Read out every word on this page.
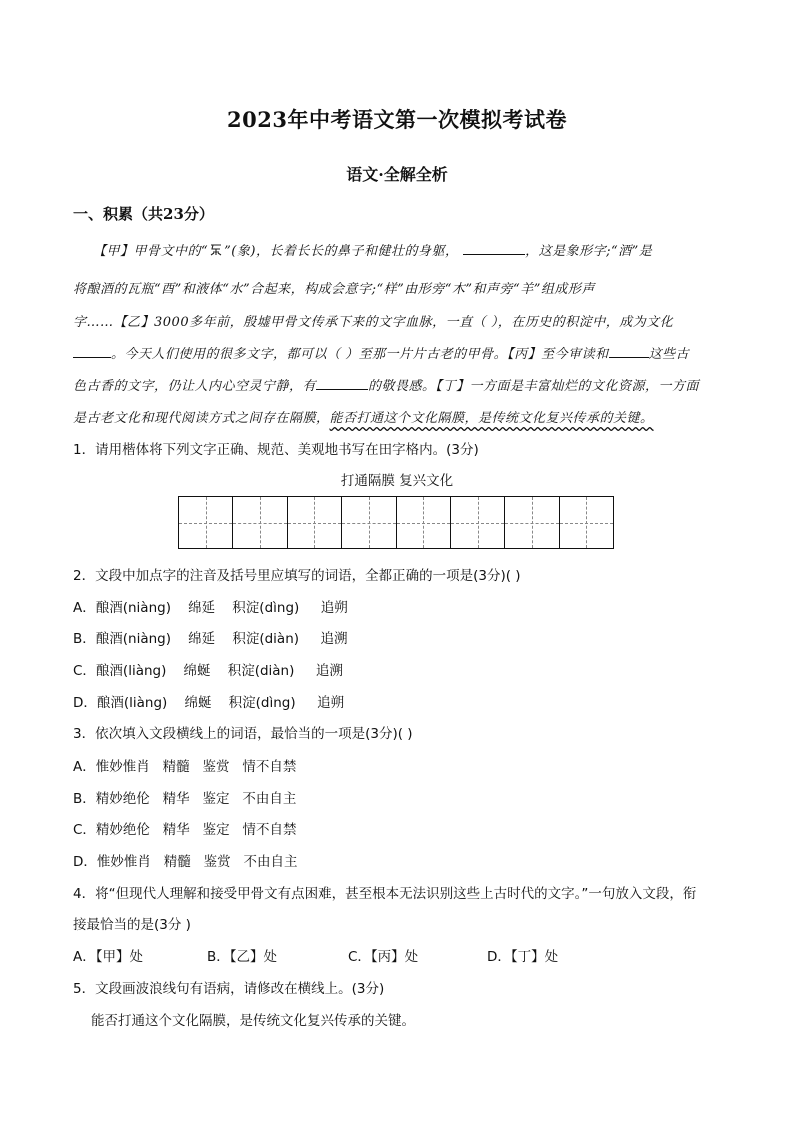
2023年中考语文第一次模拟考试卷
语文·全解全析
一、积累（共23分）
【甲】甲骨文中的“ ”(象)，长着长长的鼻子和健壮的身躯，	，这是象形字;“酒”是
将酿酒的瓦瓶“酉”和液体“水”合起来，构成会意字;“样”由形旁“木”和声旁“羊”组成形声
字……【乙】3000多年前，殷墟甲骨文传承下来的文字血脉，一直（ ），在历史的积淀中，成为文化
。今天人们使用的很多文字，都可以（ ）至那一片片古老的甲骨。【丙】至今审读和	这些古
色古香的文字，仍让人内心空灵宁静，有	的敬畏感。【丁】一方面是丰富灿烂的文化资源，一方面
是古老文化和现代阅读方式之间存在隔膜，能否打通这个文化隔膜，是传统文化复兴传承的关键。
1．请用楷体将下列文字正确、规范、美观地书写在田字格内。(3分)
打通隔膜 复兴文化
2．文段中加点字的注音及括号里应填写的词语，全都正确的一项是(3分)( )
A．酿酒(niàng)    绵延    积淀(dìng)     追朔
B．酿酒(niàng)    绵延    积淀(diàn)     追溯
C．酿酒(liàng)    绵蜒    积淀(diàn)     追溯
D．酿酒(liàng)    绵蜒    积淀(dìng)     追朔
3．依次填入文段横线上的词语，最恰当的一项是(3分)( )
A．惟妙惟肖   精髓   鉴赏   情不自禁
B．精妙绝伦   精华   鉴定   不由自主
C．精妙绝伦   精华   鉴定   情不自禁
D．惟妙惟肖   精髓   鉴赏   不由自主
4．将“但现代人理解和接受甲骨文有点困难，甚至根本无法识别这些上古时代的文字。”一句放入文段，衔
接最恰当的是(3分 )
A．【甲】处	B．【乙】处	C．【丙】处	D．【丁】处
5．文段画波浪线句有语病，请修改在横线上。(3分)
能否打通这个文化隔膜，是传统文化复兴传承的关键。
